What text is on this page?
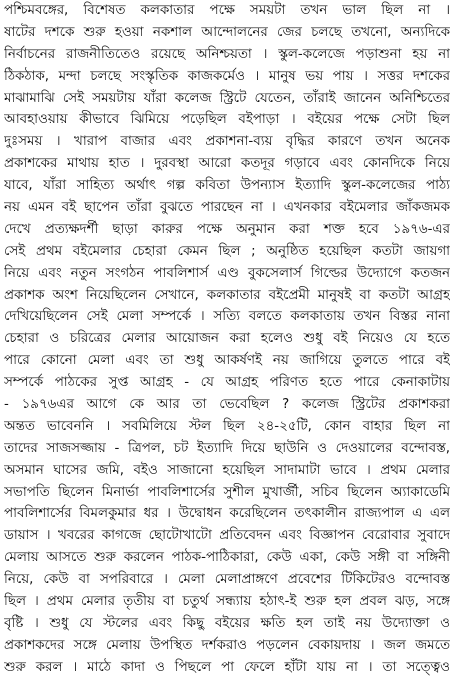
পশ্চিমবঙ্গের, বিশেষত কলকাতার পক্ষে সময়টা তখন ভাল ছিল না ।
ষাটের দশকে শুরু হওয়া নকশাল আন্দোলনের জের চলছে তখনো, অন্যদিকে
নির্বাচনের রাজনীতিতেও রয়েছে অনিশ্চয়তা । স্কুল-কলেজে পড়াশুনা হয় না
ঠিকঠাক, মন্দা চলছে সংস্কৃতিক কাজকর্মেও । মানুষ ভয় পায় । সত্তর দশকের
মাঝামাঝি সেই সময়টায় যাঁরা কলেজ স্ট্রিটে যেতেন, তাঁরাই জানেন অনিশ্চিতের
আবহাওয়ায় কীভাবে ঝিমিয়ে পড়েছিল বইপাড়া । বইয়ের পক্ষে সেটা ছিল
দুঃসময় । খারাপ বাজার এবং প্রকাশনা-ব্যয় বৃদ্ধির কারণে তখন অনেক
প্রকাশকের মাথায় হাত । দুরবস্থা আরো কতদূর গড়াবে এবং কোনদিকে নিয়ে
যাবে, যাঁরা সাহিত্য অর্থাৎ গল্প কবিতা উপন্যাস ইত্যাদি স্কুল-কলেজের পাঠ্য
নয় এমন বই ছাপেন তাঁরা বুঝতে পারছেন না । এখনকার বইমেলার জাঁকজমক
দেখে প্রত্যক্ষদর্শী ছাড়া কারুর পক্ষে অনুমান করা শক্ত হবে ১৯৭৬-এর
সেই প্রথম বইমেলার চেহারা কেমন ছিল ; অনুষ্ঠিত হয়েছিল কতটা জায়গা
নিয়ে এবং নতুন সংগঠন পাবলিশার্স এণ্ড বুকসেলার্স গিল্ডের উদ্যোগে কতজন
প্রকাশক অংশ নিয়েছিলেন সেখানে, কলকাতার বইপ্রেমী মানুষই বা কতটা আগ্রহ
দেখিয়েছিলেন সেই মেলা সম্পর্কে । সত্যি বলতে কলকাতায় তখন বিস্তর নানা
চেহারা ও চরিত্রের মেলার আয়োজন করা হলেও শুধু বই নিয়েও যে হতে
পারে কোনো মেলা এবং তা শুধু আকর্ষণই নয় জাগিয়ে তুলতে পারে বই
সম্পর্কে পাঠকের সুপ্ত আগ্রহ - যে আগ্রহ পরিণত হতে পারে কেনাকাটায়
- ১৯৭৬এর আগে কে আর তা ভেবেছিল ? কলেজ স্ট্রিটের প্রকাশকরা
অন্তত ভাবেননি । সবমিলিয়ে স্টল ছিল ২৪-২৫টি, কোন বাহার ছিল না
তাদের সাজসজ্জায় - ত্রিপল, চট ইত্যাদি দিয়ে ছাউনি ও দেওয়ালের বন্দোবস্ত,
অসমান ঘাসের জমি, বইও সাজানো হয়েছিল সাদামাটা ভাবে । প্রথম মেলার
সভাপতি ছিলেন মিনার্ভা পাবলিশার্সের সুশীল মুখার্জী, সচিব ছিলেন অ্যাকাডেমি
পাবলিশার্সের বিমলকুমার ধর । উদ্বোধন করেছিলেন তৎকালীন রাজ্যপাল এ এল
ডায়াস । খবরের কাগজে ছোটোখাটো প্রতিবেদন এবং বিজ্ঞাপন বেরোবার সুবাদে
মেলায় আসতে শুরু করলেন পাঠক-পাঠিকারা, কেউ একা, কেউ সঙ্গী বা সঙ্গিনী
নিয়ে, কেউ বা সপরিবারে । মেলা মেলাপ্রাঙ্গণে প্রবেশের টিকিটেরও বন্দোবস্ত
ছিল । প্রথম মেলার তৃতীয় বা চতুর্থ সন্ধ্যায় হঠাৎ-ই শুরু হল প্রবল ঝড়, সঙ্গে
বৃষ্টি । শুধু যে স্টলের এবং কিছু বইয়ের ক্ষতি হল তাই নয় উদ্যোক্তা ও
প্রকাশকদের সঙ্গে মেলায় উপস্থিত দর্শকরাও পড়লেন বেকায়দায় । জল জমতে
শুরু করল । মাঠে কাদা ও পিছলে পা ফেলে হাঁটা যায় না । তা সত্ত্বেও
